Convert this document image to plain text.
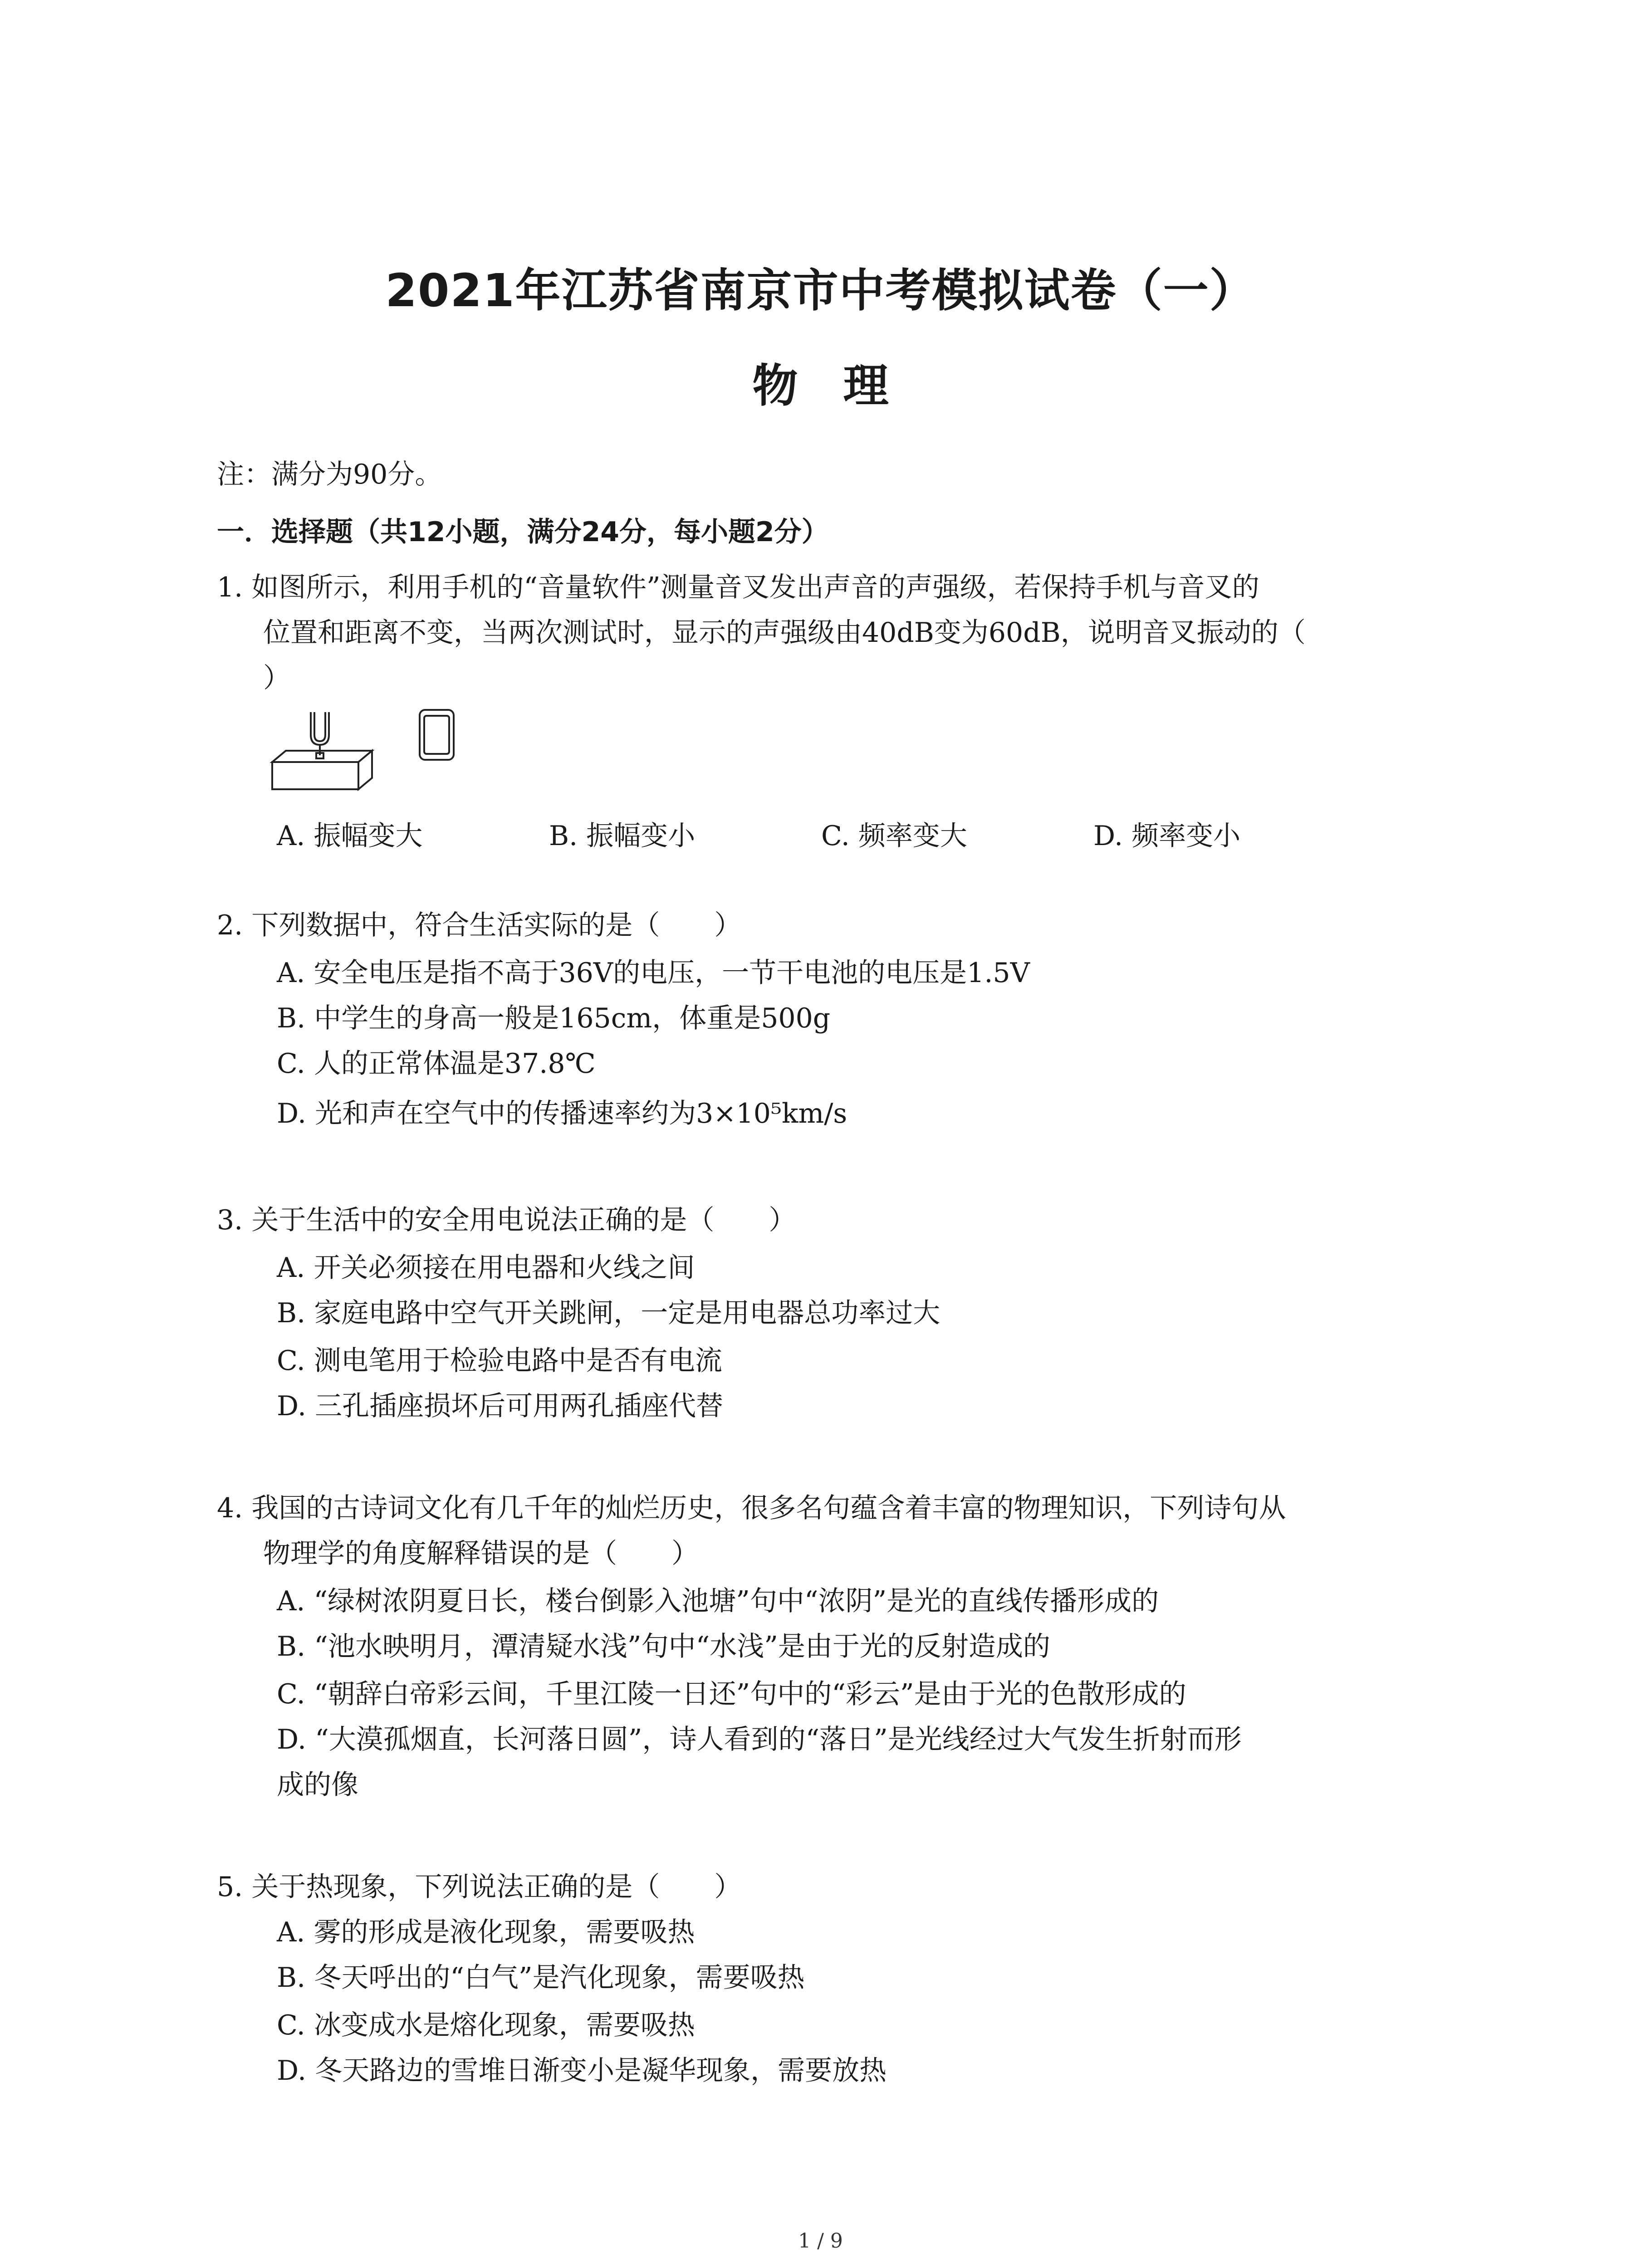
2021年江苏省南京市中考模拟试卷（一）
物理
注：满分为90分。
一．选择题（共12小题，满分24分，每小题2分）
1. 如图所示，利用手机的“音量软件”测量音叉发出声音的声强级，若保持手机与音叉的
位置和距离不变，当两次测试时，显示的声强级由40dB变为60dB，说明音叉振动的（
）
A. 振幅变大	B. 振幅变小	C. 频率变大	D. 频率变小
2. 下列数据中，符合生活实际的是（　　）
A. 安全电压是指不高于36V的电压，一节干电池的电压是1.5V
B. 中学生的身高一般是165cm，体重是500g
C. 人的正常体温是37.8℃
D. 光和声在空气中的传播速率约为3×10⁵km/s
3. 关于生活中的安全用电说法正确的是（　　）
A. 开关必须接在用电器和火线之间
B. 家庭电路中空气开关跳闸，一定是用电器总功率过大
C. 测电笔用于检验电路中是否有电流
D. 三孔插座损坏后可用两孔插座代替
4. 我国的古诗词文化有几千年的灿烂历史，很多名句蕴含着丰富的物理知识，下列诗句从
物理学的角度解释错误的是（　　）
A. “绿树浓阴夏日长，楼台倒影入池塘”句中“浓阴”是光的直线传播形成的
B. “池水映明月，潭清疑水浅”句中“水浅”是由于光的反射造成的
C. “朝辞白帝彩云间，千里江陵一日还”句中的“彩云”是由于光的色散形成的
D. “大漠孤烟直，长河落日圆”，诗人看到的“落日”是光线经过大气发生折射而形
成的像
5. 关于热现象，下列说法正确的是（　　）
A. 雾的形成是液化现象，需要吸热
B. 冬天呼出的“白气”是汽化现象，需要吸热
C. 冰变成水是熔化现象，需要吸热
D. 冬天路边的雪堆日渐变小是凝华现象，需要放热
1 / 9
